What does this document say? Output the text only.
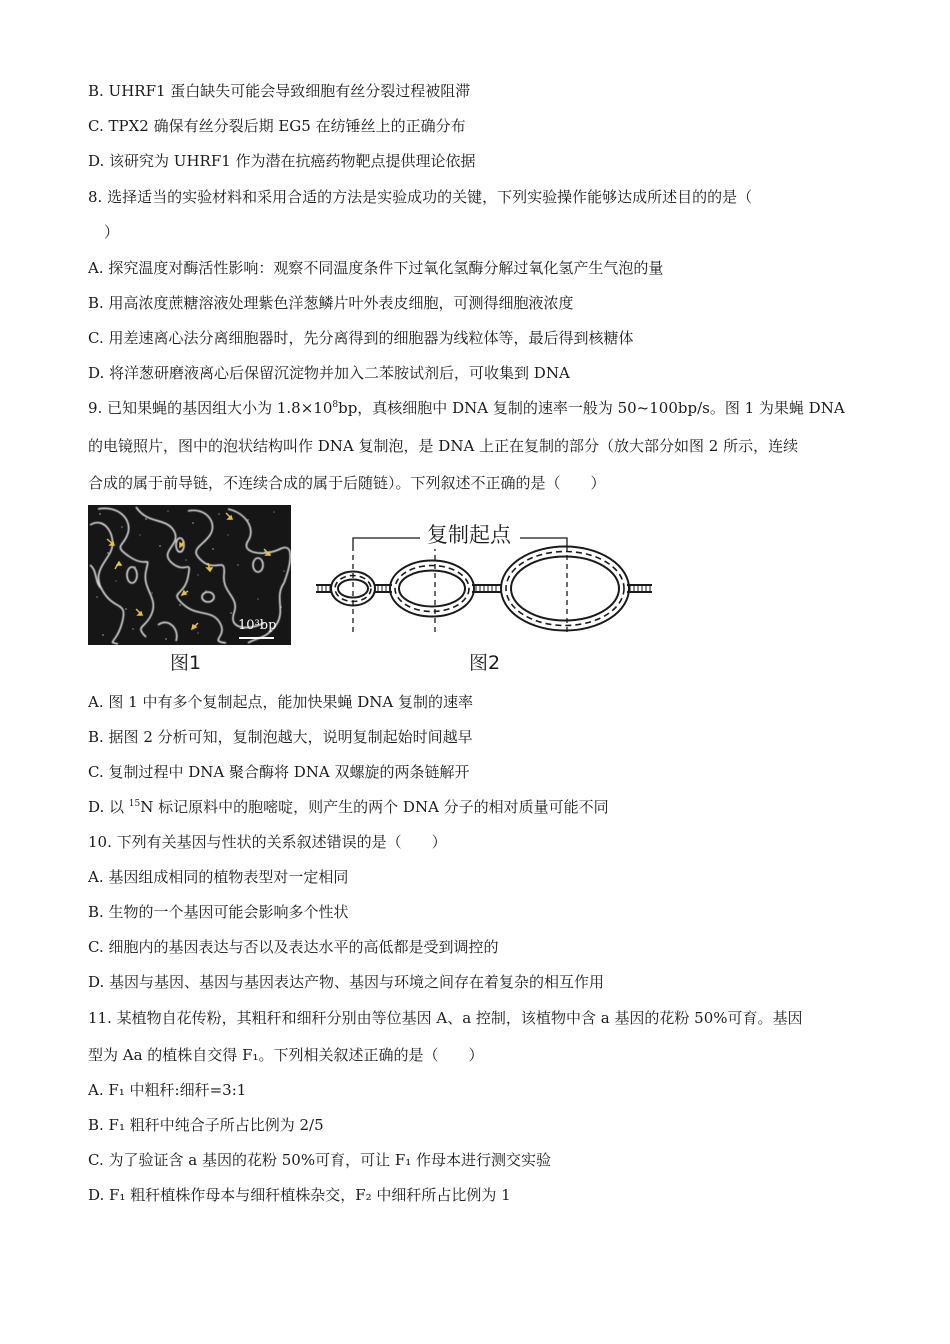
B. UHRF1 蛋白缺失可能会导致细胞有丝分裂过程被阻滞
C. TPX2 确保有丝分裂后期 EG5 在纺锤丝上的正确分布
D. 该研究为 UHRF1 作为潜在抗癌药物靶点提供理论依据
8. 选择适当的实验材料和采用合适的方法是实验成功的关键，下列实验操作能够达成所述目的的是（
）
A. 探究温度对酶活性影响：观察不同温度条件下过氧化氢酶分解过氧化氢产生气泡的量
B. 用高浓度蔗糖溶液处理紫色洋葱鳞片叶外表皮细胞，可测得细胞液浓度
C. 用差速离心法分离细胞器时，先分离得到的细胞器为线粒体等，最后得到核糖体
D. 将洋葱研磨液离心后保留沉淀物并加入二苯胺试剂后，可收集到 DNA
9. 已知果蝇的基因组大小为 $1.8\times 10^8bp$，真核细胞中 DNA 复制的速率一般为 50~100bp/s。图 1 为果蝇 DNA
的电镜照片，图中的泡状结构叫作 DNA 复制泡，是 DNA 上正在复制的部分（放大部分如图 2 所示，连续
合成的属于前导链，不连续合成的属于后随链）。下列叙述不正确的是（　　）
10³bp
图1
复制起点
图2
A. 图 1 中有多个复制起点，能加快果蝇 DNA 复制的速率
B. 据图 2 分析可知，复制泡越大，说明复制起始时间越早
C. 复制过程中 DNA 聚合酶将 DNA 双螺旋的两条链解开
D. 以 $^{15}$N 标记原料中的胞嘧啶，则产生的两个 DNA 分子的相对质量可能不同
10. 下列有关基因与性状的关系叙述错误的是（　　）
A. 基因组成相同的植物表型对一定相同
B. 生物的一个基因可能会影响多个性状
C. 细胞内的基因表达与否以及表达水平的高低都是受到调控的
D. 基因与基因、基因与基因表达产物、基因与环境之间存在着复杂的相互作用
11. 某植物自花传粉，其粗秆和细秆分别由等位基因 A、a 控制，该植物中含 a 基因的花粉 50%可育。基因
型为 Aa 的植株自交得 F₁。下列相关叙述正确的是（　　）
A. F₁ 中粗秆:细秆=3:1
B. F₁ 粗秆中纯合子所占比例为 2/5
C. 为了验证含 a 基因的花粉 50%可育，可让 F₁ 作母本进行测交实验
D. F₁ 粗秆植株作母本与细秆植株杂交，F₂ 中细秆所占比例为 1
